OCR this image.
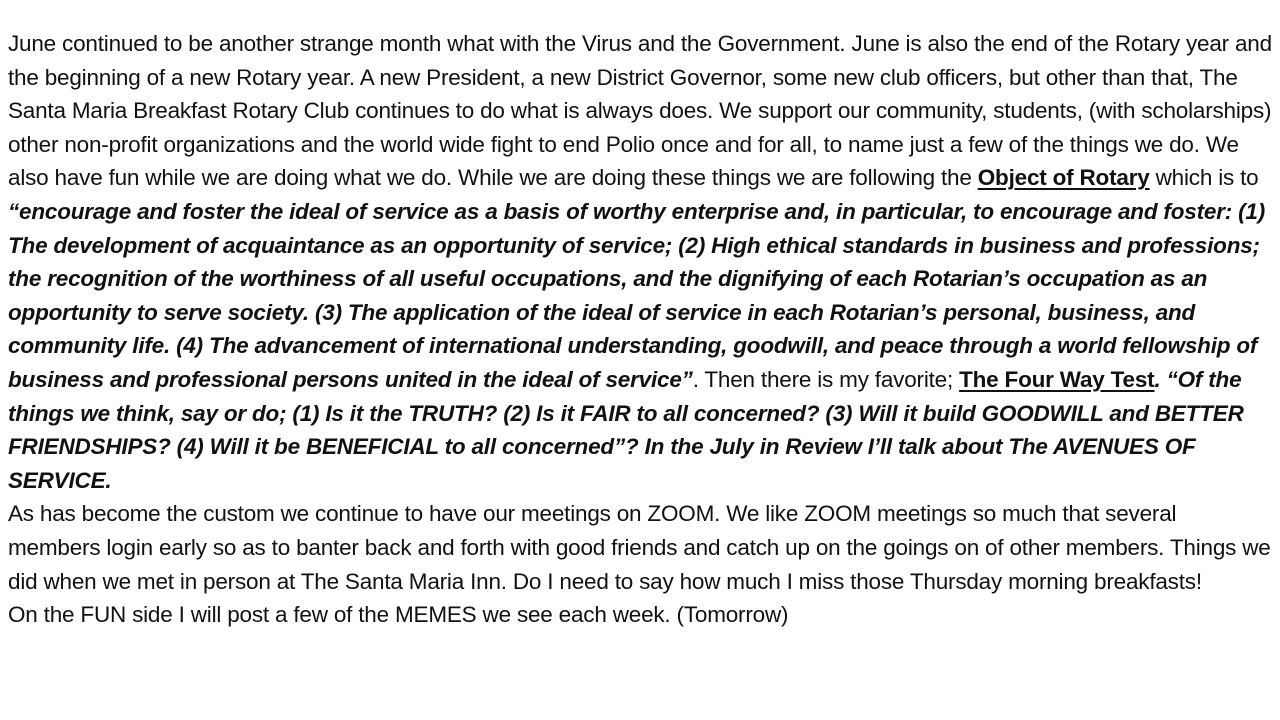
June continued to be another strange month what with the Virus and the Government. June is also the end of the Rotary year and the beginning of a new Rotary year. A new President, a new District Governor, some new club officers, but other than that, The Santa Maria Breakfast Rotary Club continues to do what is always does. We support our community, students, (with scholarships) other non-profit organizations and the world wide fight to end Polio once and for all, to name just a few of the things we do. We also have fun while we are doing what we do. While we are doing these things we are following the Object of Rotary which is to “encourage and foster the ideal of service as a basis of worthy enterprise and, in particular, to encourage and foster: (1) The development of acquaintance as an opportunity of service; (2) High ethical standards in business and professions; the recognition of the worthiness of all useful occupations, and the dignifying of each Rotarian’s occupation as an opportunity to serve society. (3) The application of the ideal of service in each Rotarian’s personal, business, and community life. (4) The advancement of international understanding, goodwill, and peace through a world fellowship of business and professional persons united in the ideal of service”. Then there is my favorite; The Four Way Test. “Of the things we think, say or do; (1) Is it the TRUTH? (2) Is it FAIR to all concerned? (3) Will it build GOODWILL and BETTER FRIENDSHIPS? (4) Will it be BENEFICIAL to all concerned”? In the July in Review I’ll talk about The AVENUES OF SERVICE.

As has become the custom we continue to have our meetings on ZOOM. We like ZOOM meetings so much that several members login early so as to banter back and forth with good friends and catch up on the goings on of other members. Things we did when we met in person at The Santa Maria Inn. Do I need to say how much I miss those Thursday morning breakfasts!

On the FUN side I will post a few of the MEMES we see each week. (Tomorrow)
